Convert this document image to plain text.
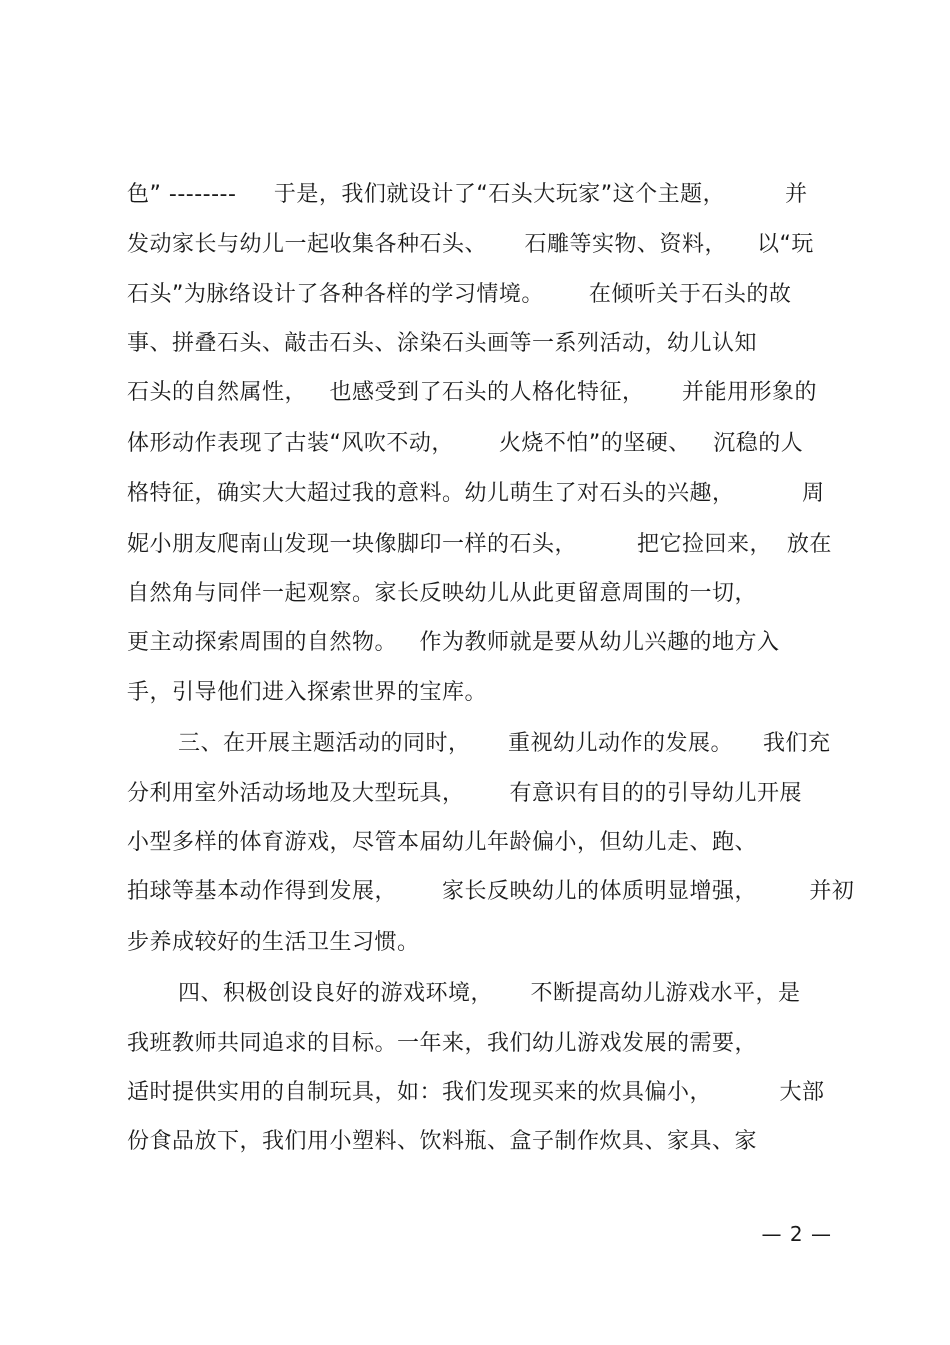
色” --------     于是，我们就设计了“石头大玩家”这个主题，        并
发动家长与幼儿一起收集各种石头、     石雕等实物、资料，    以“玩
石头”为脉络设计了各种各样的学习情境。      在倾听关于石头的故
事、拼叠石头、敲击石头、涂染石头画等一系列活动，幼儿认知
石头的自然属性，   也感受到了石头的人格化特征，     并能用形象的
体形动作表现了古装“风吹不动，      火烧不怕”的坚硬、   沉稳的人
格特征，确实大大超过我的意料。幼儿萌生了对石头的兴趣，         周
妮小朋友爬南山发现一块像脚印一样的石头，        把它捡回来，  放在
自然角与同伴一起观察。家长反映幼儿从此更留意周围的一切，
更主动探索周围的自然物。   作为教师就是要从幼儿兴趣的地方入
手，引导他们进入探索世界的宝库。
三、在开展主题活动的同时，     重视幼儿动作的发展。    我们充
分利用室外活动场地及大型玩具，      有意识有目的的引导幼儿开展
小型多样的体育游戏，尽管本届幼儿年龄偏小，但幼儿走、跑、
拍球等基本动作得到发展，      家长反映幼儿的体质明显增强，       并初
步养成较好的生活卫生习惯。
四、积极创设良好的游戏环境，     不断提高幼儿游戏水平，是
我班教师共同追求的目标。一年来，我们幼儿游戏发展的需要，
适时提供实用的自制玩具，如：我们发现买来的炊具偏小，         大部
份食品放下，我们用小塑料、饮料瓶、盒子制作炊具、家具、家
— 2 —
